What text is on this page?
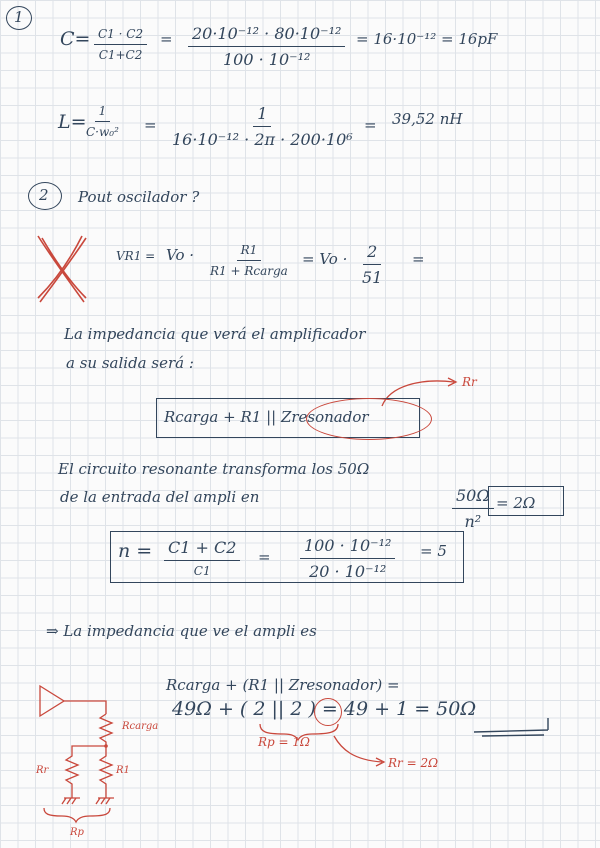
1
$C= \frac{C1 \cdot C2}{C1+C2} = \frac{\text{20·10⁻¹² · 80·10⁻¹²}}{\text{100 · 10⁻¹²}} = 16\cdot 10^{-12} = 16pF$
$L= \frac{1}{\text{C·w₀²}} = \frac{1}{\text{16·10⁻¹² · 2π · 200·10⁶}} = 39,52$ nH
2 Pout oscilador ?
VR1 = Vo ·	R1
R1 + Rcarga
= $Vo \cdot \frac{2}{51}$ =
La impedancia que verá el amplificador
a su salida será :
Rr
Rcarga + R1 || Zresonador
El circuito resonante transforma los 50Ω
de la entrada del ampli en	$\frac{50\Omega}{\text{n²}} = 2\Omega$
n = C1 + C2
C1
= $\frac{\text{100 · 10⁻¹²}}{\text{20 · 10⁻¹²}} = 5$
⇒ La impedancia que ve el ampli es
Rcarga + (R1 || Zresonador) =
49Ω + ( 2 || 2 ) = 49 + 1 = 50Ω
Rp = 1Ω
Rr = 2Ω
Rcarga
Rr	R1
Rp
